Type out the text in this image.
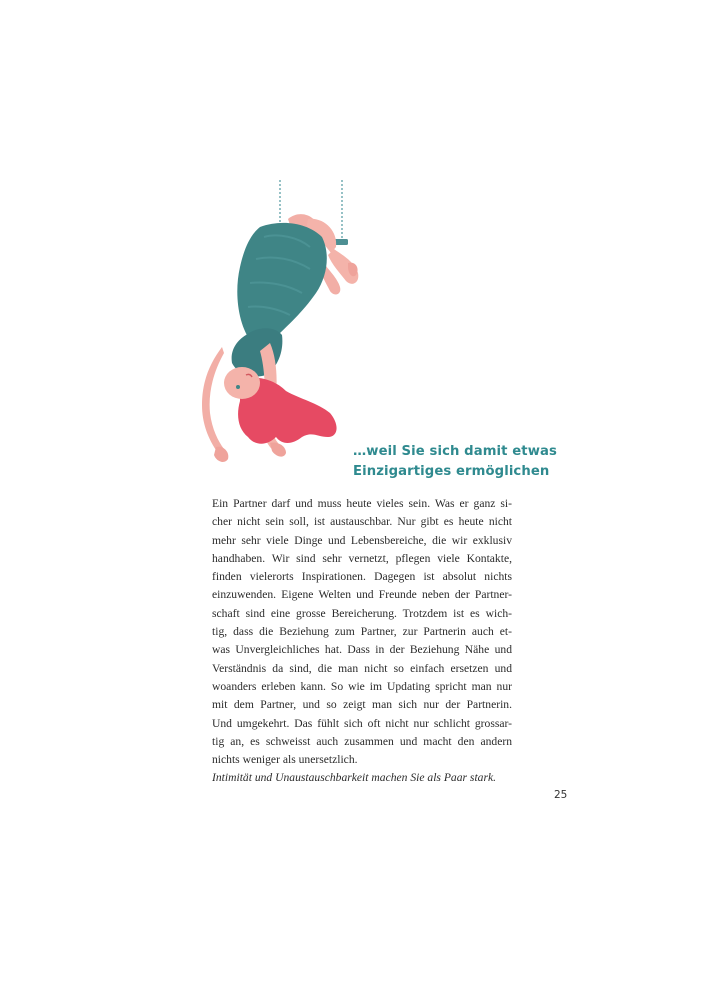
…weil Sie sich damit etwas
Einzigartiges ermöglichen
Ein Partner darf und muss heute vieles sein. Was er ganz si-
cher nicht sein soll, ist austauschbar. Nur gibt es heute nicht
mehr sehr viele Dinge und Lebensbereiche, die wir exklusiv
handhaben. Wir sind sehr vernetzt, pflegen viele Kontakte,
finden vielerorts Inspirationen. Dagegen ist absolut nichts
einzuwenden. Eigene Welten und Freunde neben der Partner-
schaft sind eine grosse Bereicherung. Trotzdem ist es wich-
tig, dass die Beziehung zum Partner, zur Partnerin auch et-
was Unvergleichliches hat. Dass in der Beziehung Nähe und
Verständnis da sind, die man nicht so einfach ersetzen und
woanders erleben kann. So wie im Updating spricht man nur
mit dem Partner, und so zeigt man sich nur der Partnerin.
Und umgekehrt. Das fühlt sich oft nicht nur schlicht grossar-
tig an, es schweisst auch zusammen und macht den andern
nichts weniger als unersetzlich.
Intimität und Unaustauschbarkeit machen Sie als Paar stark.
25
